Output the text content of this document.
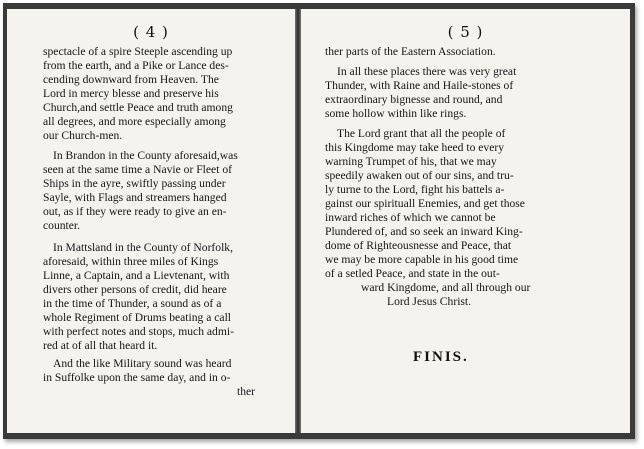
( 4 )
spectacle of a spire Steeple ascending up
from the earth, and a Pike or Lance des-
cending downward from Heaven. The
Lord in mercy blesse and preserve his
Church,and settle Peace and truth among
all degrees, and more especially among
our Church-men.
In Brandon in the County aforesaid,was
seen at the same time a Navie or Fleet of
Ships in the ayre, swiftly passing under
Sayle, with Flags and streamers hanged
out, as if they were ready to give an en-
counter.
In Mattsland in the County of Norfolk,
aforesaid, within three miles of Kings
Linne, a Captain, and a Lievtenant, with
divers other persons of credit, did heare
in the time of Thunder, a sound as of a
whole Regiment of Drums beating a call
with perfect notes and stops, much admi-
red at of all that heard it.
And the like Military sound was heard
in Suffolke upon the same day, and in o-
ther
( 5 )
ther parts of the Eastern Association.
In all these places there was very great
Thunder, with Raine and Haile-stones of
extraordinary bignesse and round, and
some hollow within like rings.
The Lord grant that all the people of
this Kingdome may take heed to every
warning Trumpet of his, that we may
speedily awaken out of our sins, and tru-
ly turne to the Lord, fight his battels a-
gainst our spirituall Enemies, and get those
inward riches of which we cannot be
Plundered of, and so seek an inward King-
dome of Righteousnesse and Peace, that
we may be more capable in his good time
of a setled Peace, and state in the out-
ward Kingdome, and all through our
Lord Jesus Christ.
FINIS.
